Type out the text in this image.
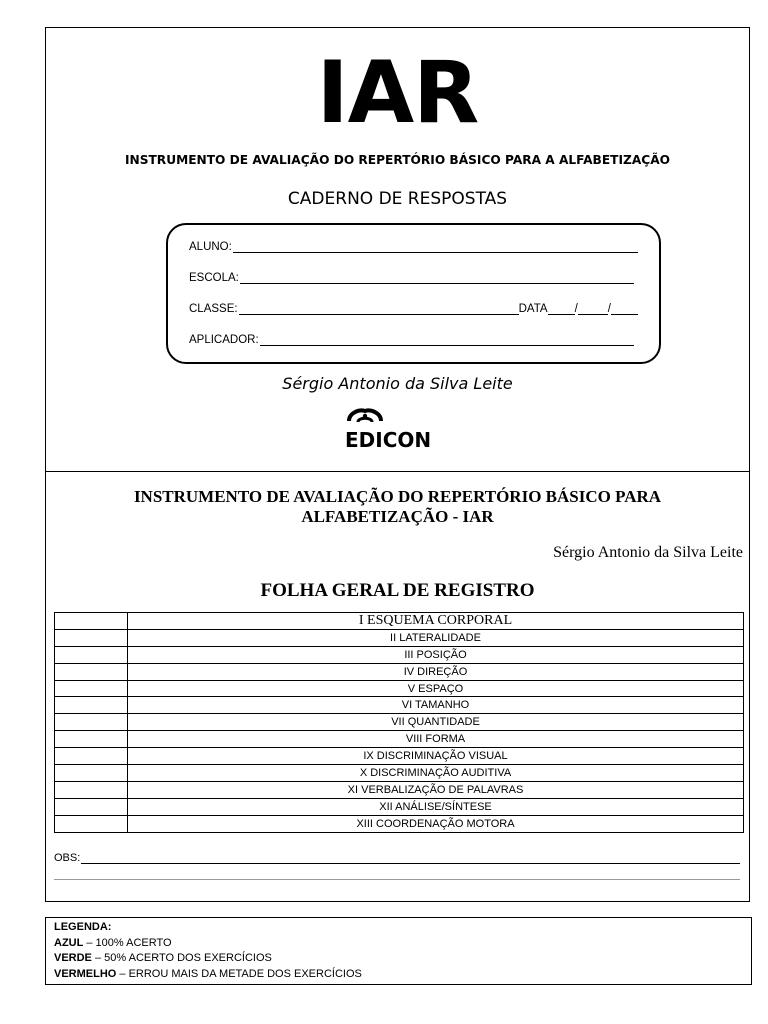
IAR
INSTRUMENTO DE AVALIAÇÃO DO REPERTÓRIO BÁSICO PARA A ALFABETIZAÇÃO
CADERNO DE RESPOSTAS
ALUNO:
ESCOLA:
CLASSE:	DATA /	/
APLICADOR:
Sérgio Antonio da Silva Leite
EDICON
INSTRUMENTO DE AVALIAÇÃO DO REPERTÓRIO BÁSICO PARA
ALFABETIZAÇÃO - IAR
Sérgio Antonio da Silva Leite
FOLHA GERAL DE REGISTRO
	I ESQUEMA CORPORAL
	II LATERALIDADE
	III POSIÇÃO
	IV DIREÇÃO
	V ESPAÇO
	VI TAMANHO
	VII QUANTIDADE
	VIII FORMA
	IX DISCRIMINAÇÃO VISUAL
	X DISCRIMINAÇÃO AUDITIVA
	XI VERBALIZAÇÃO DE PALAVRAS
	XII ANÁLISE/SÍNTESE
	XIII COORDENAÇÃO MOTORA
OBS:
LEGENDA:
AZUL – 100% ACERTO
VERDE – 50% ACERTO DOS EXERCÍCIOS
VERMELHO – ERROU MAIS DA METADE DOS EXERCÍCIOS
